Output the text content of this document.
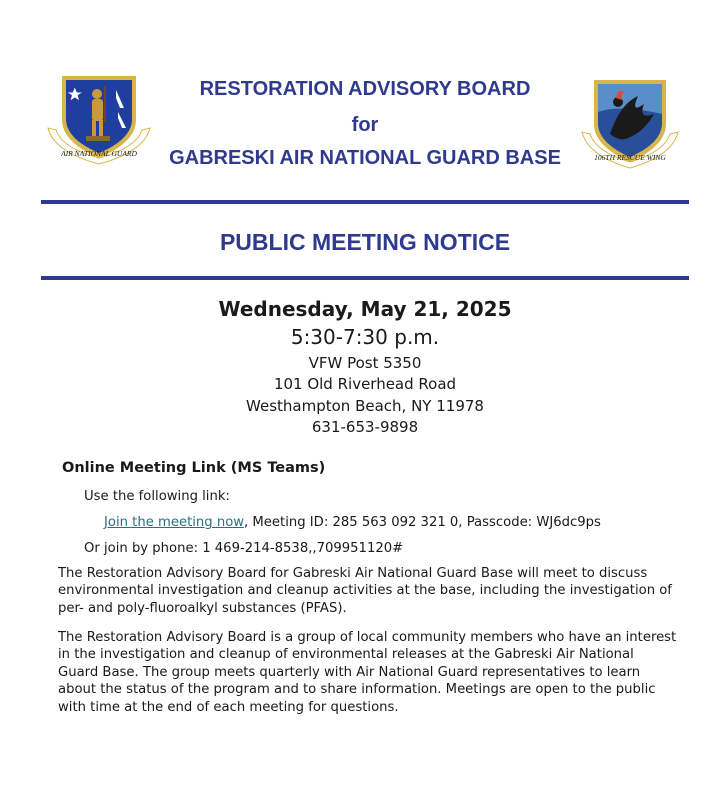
AIR NATIONAL GUARD	106TH RESCUE WING
RESTORATION ADVISORY BOARD
for
GABRESKI AIR NATIONAL GUARD BASE
PUBLIC MEETING NOTICE
Wednesday, May 21, 2025
5:30-7:30 p.m.
VFW Post 5350
101 Old Riverhead Road
Westhampton Beach, NY 11978
631-653-9898
Online Meeting Link (MS Teams)
Use the following link:
Join the meeting now, Meeting ID: 285 563 092 321 0, Passcode: WJ6dc9ps
Or join by phone: 1 469-214-8538,,709951120#
The Restoration Advisory Board for Gabreski Air National Guard Base will meet to discuss environmental investigation and cleanup activities at the base, including the investigation of per- and poly-fluoroalkyl substances (PFAS).
The Restoration Advisory Board is a group of local community members who have an interest in the investigation and cleanup of environmental releases at the Gabreski Air National Guard Base. The group meets quarterly with Air National Guard representatives to learn about the status of the program and to share information. Meetings are open to the public with time at the end of each meeting for questions.
